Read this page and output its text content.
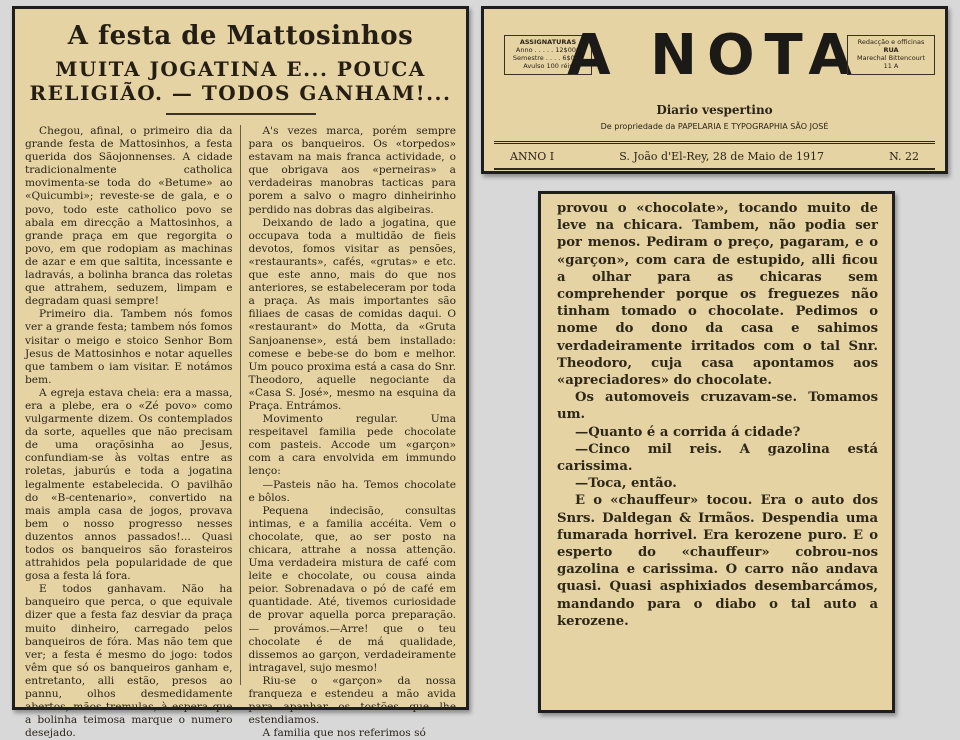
A festa de Mattosinhos
MUITA JOGATINA E... POUCA RELIGIÃO. — TODOS GANHAM!...

Chegou, afinal, o primeiro dia da grande festa de Mattosinhos, a festa querida dos Sãojonnenses. A cidade tradicionalmente catholica movimenta-se toda do «Betume» ao «Quicumbi»; reveste-se de gala, e o povo, todo este catholico povo se abala em direcção a Mattosinhos, a grande praça em que regorgita o povo, em que rodopiam as machinas de azar e em que saltita, incessante e ladravás, a bolinha branca das roletas que attrahem, seduzem, limpam e degradam quasi sempre!

Primeiro dia. Tambem nós fomos ver a grande festa; tambem nós fomos visitar o meigo e stoico Senhor Bom Jesus de Mattosinhos e notar aquelles que tambem o iam visitar. E notámos bem.

A egreja estava cheia: era a massa, era a plebe, era o «Zé povo» como vulgarmente dizem. Os contemplados da sorte, aquelles que não precisam de uma oraçõsinha ao Jesus, confundiam-se às voltas entre as roletas, jaburús e toda a jogatina legalmente estabelecida. O pavilhão do «B-centenario», convertido na mais ampla casa de jogos, provava bem o nosso progresso nesses duzentos annos passados!... Quasi todos os banqueiros são forasteiros attrahidos pela popularidade de que gosa a festa lá fora.

E todos ganhavam. Não ha banqueiro que perca, o que equivale dizer que a festa faz desviar da praça muito dinheiro, carregado pelos banqueiros de fóra. Mas não tem que ver; a festa é mesmo do jogo: todos vêm que só os banqueiros ganham e, entretanto, alli estão, presos ao pannu, olhos desmedidamente abertos, mãos tremulas, à espera que a bolinha teimosa marque o numero desejado.

A's vezes marca, porém sempre para os banqueiros. Os «torpedos» estavam na mais franca actividade, o que obrigava aos «perneiras» a verdadeiras manobras tacticas para porem a salvo o magro dinheirinho perdido nas dobras das algibeiras.

Deixando de lado a jogatina, que occupava toda a multidão de fieis devotos, fomos visitar as pensões, «restaurants», cafés, «grutas» e etc. que este anno, mais do que nos anteriores, se estabeleceram por toda a praça. As mais importantes são filiaes de casas de comidas daqui. O «restaurant» do Motta, da «Gruta Sanjoanense», está bem installado: comese e bebe-se do bom e melhor. Um pouco proxima está a casa do Snr. Theodoro, aquelle negociante da «Casa S. José», mesmo na esquina da Praça. Entrámos.

Movimento regular. Uma respeitavel familia pede chocolate com pasteis. Accode um «garçon» com a cara envolvida em immundo lenço:

—Pasteis não ha. Temos chocolate e bôlos.

Pequena indecisão, consultas intimas, e a familia accéita. Vem o chocolate, que, ao ser posto na chicara, attrahe a nossa attenção. Uma verdadeira mistura de café com leite e chocolate, ou cousa ainda peior. Sobrenadava o pó de café em quantidade. Até, tivemos curiosidade de provar aquella porca preparação. — provámos.—Arre! que o teu chocolate é de má qualidade, dissemos ao garçon, verdadeiramente intragavel, sujo mesmo!

Riu-se o «garçon» da nossa franqueza e estendeu a mão avida para apanhar os tostões que lhe estendiamos.

A familia que nos referimos só

ASSIGNATURAS
Anno . . . . . 12$000
Semestre . . . . 6$000
Avulso 100 réis
A NOTA
Redacção e officinas
RUA
Marechal Bittencourt
11 A
Diario vespertino
De propriedade da PAPELARIA E TYPOGRAPHIA SÃO JOSÉ
ANNO I	S. João d'El-Rey, 28 de Maio de 1917	N. 22

provou o «chocolate», tocando muito de leve na chicara. Tambem, não podia ser por menos. Pediram o preço, pagaram, e o «garçon», com cara de estupido, alli ficou a olhar para as chicaras sem comprehender porque os freguezes não tinham tomado o chocolate. Pedimos o nome do dono da casa e sahimos verdadeiramente irritados com o tal Snr. Theodoro, cuja casa apontamos aos «apreciadores» do chocolate.

Os automoveis cruzavam-se. Tomamos um.

—Quanto é a corrida á cidade?

—Cinco mil reis. A gazolina está carissima.

—Toca, então.

E o «chauffeur» tocou. Era o auto dos Snrs. Daldegan & Irmãos. Despendia uma fumarada horrivel. Era kerozene puro. E o esperto do «chauffeur» cobrou-nos gazolina e carissima. O carro não andava quasi. Quasi asphixiados desembarcámos, mandando para o diabo o tal auto a kerozene.
